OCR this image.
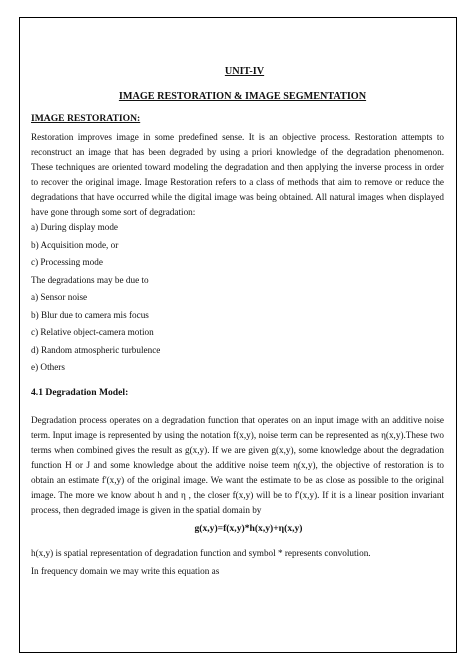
UNIT-IV
IMAGE RESTORATION & IMAGE SEGMENTATION
IMAGE RESTORATION:

Restoration improves image in some predefined sense. It is an objective process. Restoration attempts to reconstruct an image that has been degraded by using a priori knowledge of the degradation phenomenon. These techniques are oriented toward modeling the degradation and then applying the inverse process in order to recover the original image. Image Restoration refers to a class of methods that aim to remove or reduce the degradations that have occurred while the digital image was being obtained. All natural images when displayed have gone through some sort of degradation:

a) During display mode
b) Acquisition mode, or
c) Processing mode
The degradations may be due to
a) Sensor noise
b) Blur due to camera mis focus
c) Relative object-camera motion
d) Random atmospheric turbulence
e) Others
4.1 Degradation Model:

Degradation process operates on a degradation function that operates on an input image with an additive noise term. Input image is represented by using the notation f(x,y), noise term can be represented as η(x,y).These two terms when combined gives the result as g(x,y). If we are given g(x,y), some knowledge about the degradation function H or J and some knowledge about the additive noise teem η(x,y), the objective of restoration is to obtain an estimate f'(x,y) of the original image. We want the estimate to be as close as possible to the original image. The more we know about h and η , the closer f(x,y) will be to f'(x,y). If it is a linear position invariant process, then degraded image is given in the spatial domain by

g(x,y)=f(x,y)*h(x,y)+η(x,y)

h(x,y) is spatial representation of degradation function and symbol * represents convolution.

In frequency domain we may write this equation as
